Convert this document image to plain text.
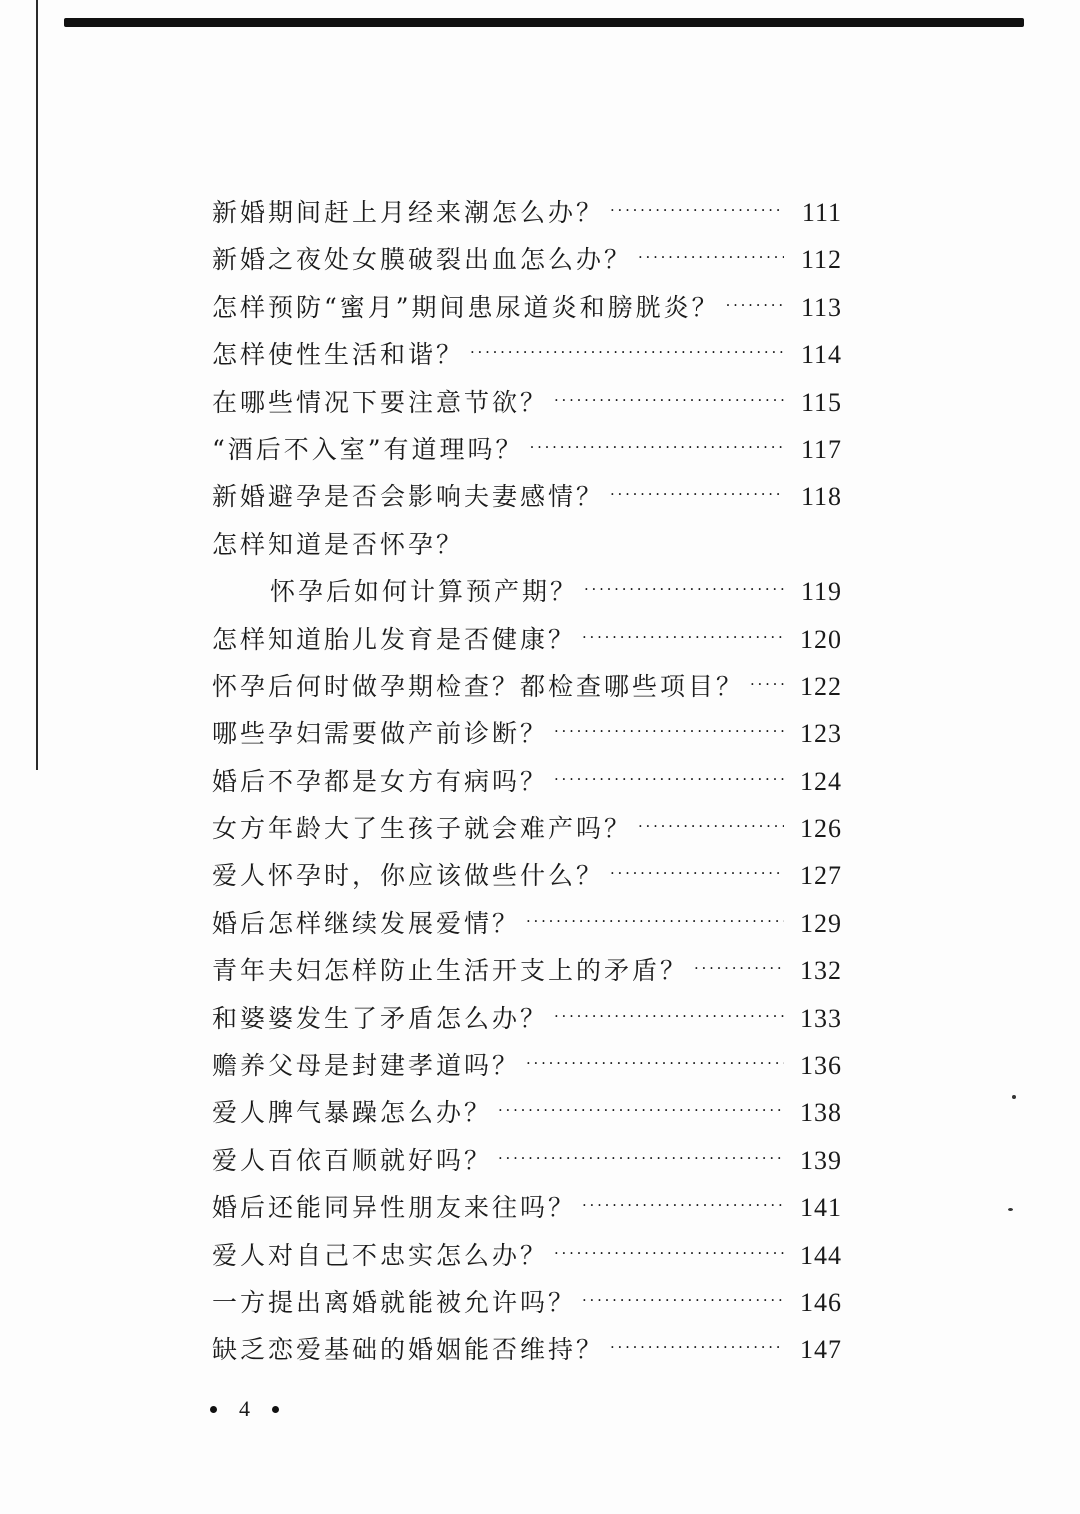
新婚期间赶上月经来潮怎么办？ · · ·	111
新婚之夜处女膜破裂出血怎么办？ · · ·	112
怎样预防“蜜月”期间患尿道炎和膀胱炎？ · · ·	113
怎样使性生活和谐？ · · ·	114
在哪些情况下要注意节欲？ · · ·	115
“酒后不入室”有道理吗？ · · ·	117
新婚避孕是否会影响夫妻感情？ · · ·	118
怎样知道是否怀孕？
怀孕后如何计算预产期？ · · ·	119
怎样知道胎儿发育是否健康？ · · ·	120
怀孕后何时做孕期检查？都检查哪些项目？ · · · 122
哪些孕妇需要做产前诊断？ · · ·	123
婚后不孕都是女方有病吗？ · · ·	124
女方年龄大了生孩子就会难产吗？ · · ·	126
爱人怀孕时，你应该做些什么？ · · ·	127
婚后怎样继续发展爱情？ · · ·	129
青年夫妇怎样防止生活开支上的矛盾？ · · ·	132
和婆婆发生了矛盾怎么办？ · · ·	133
赡养父母是封建孝道吗？ · · ·	136
爱人脾气暴躁怎么办？ · · ·	138
爱人百依百顺就好吗？ · · ·	139
婚后还能同异性朋友来往吗？ · · ·	141
爱人对自己不忠实怎么办？ · · ·	144
一方提出离婚就能被允许吗？ · · ·	146
缺乏恋爱基础的婚姻能否维持？ · · ·	147
4
